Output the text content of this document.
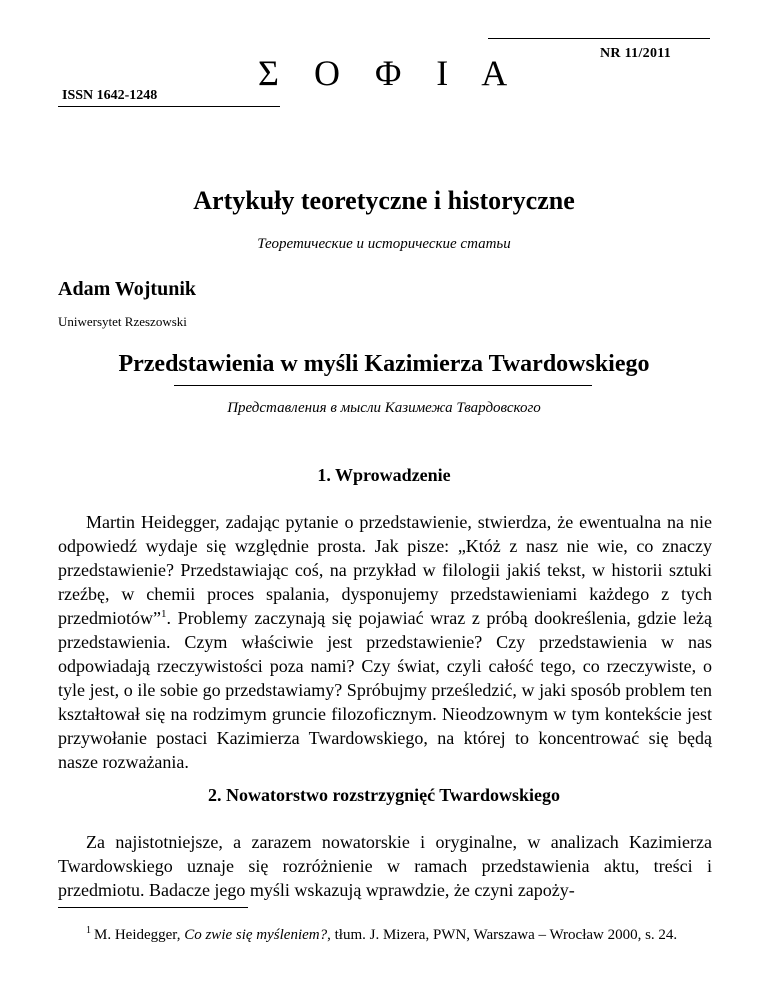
NR 11/2011
Σ Ο Φ Ι Α
ISSN 1642-1248
Artykuły teoretyczne i historyczne
Теоретические и исторические статьи
Adam Wojtunik
Uniwersytet Rzeszowski
Przedstawienia w myśli Kazimierza Twardowskiego
Представления в мысли Казимежа Твардовского
1. Wprowadzenie

Martin Heidegger, zadając pytanie o przedstawienie, stwierdza, że ewentualna na nie odpowiedź wydaje się względnie prosta. Jak pisze: „Któż z nasz nie wie, co znaczy przedstawienie? Przedstawiając coś, na przykład w filologii jakiś tekst, w historii sztuki rzeźbę, w chemii proces spalania, dysponujemy przedstawieniami każdego z tych przedmiotów”$^1$. Problemy zaczynają się pojawiać wraz z próbą dookreślenia, gdzie leżą przedstawienia. Czym właściwie jest przedstawienie? Czy przedstawienia w nas odpowiadają rzeczywistości poza nami? Czy świat, czyli całość tego, co rzeczywiste, o tyle jest, o ile sobie go przedstawiamy? Spróbujmy prześledzić, w jaki sposób problem ten kształtował się na rodzimym gruncie filozoficznym. Nieodzownym w tym kontekście jest przywołanie postaci Kazimierza Twardowskiego, na której to koncentrować się będą nasze rozważania.

2. Nowatorstwo rozstrzygnięć Twardowskiego

Za najistotniejsze, a zarazem nowatorskie i oryginalne, w analizach Kazimierza Twardowskiego uznaje się rozróżnienie w ramach przedstawienia aktu, treści i przedmiotu. Badacze jego myśli wskazują wprawdzie, że czyni zapoży-

$^1$ M. Heidegger, Co zwie się myśleniem?, tłum. J. Mizera, PWN, Warszawa – Wrocław 2000, s. 24.
